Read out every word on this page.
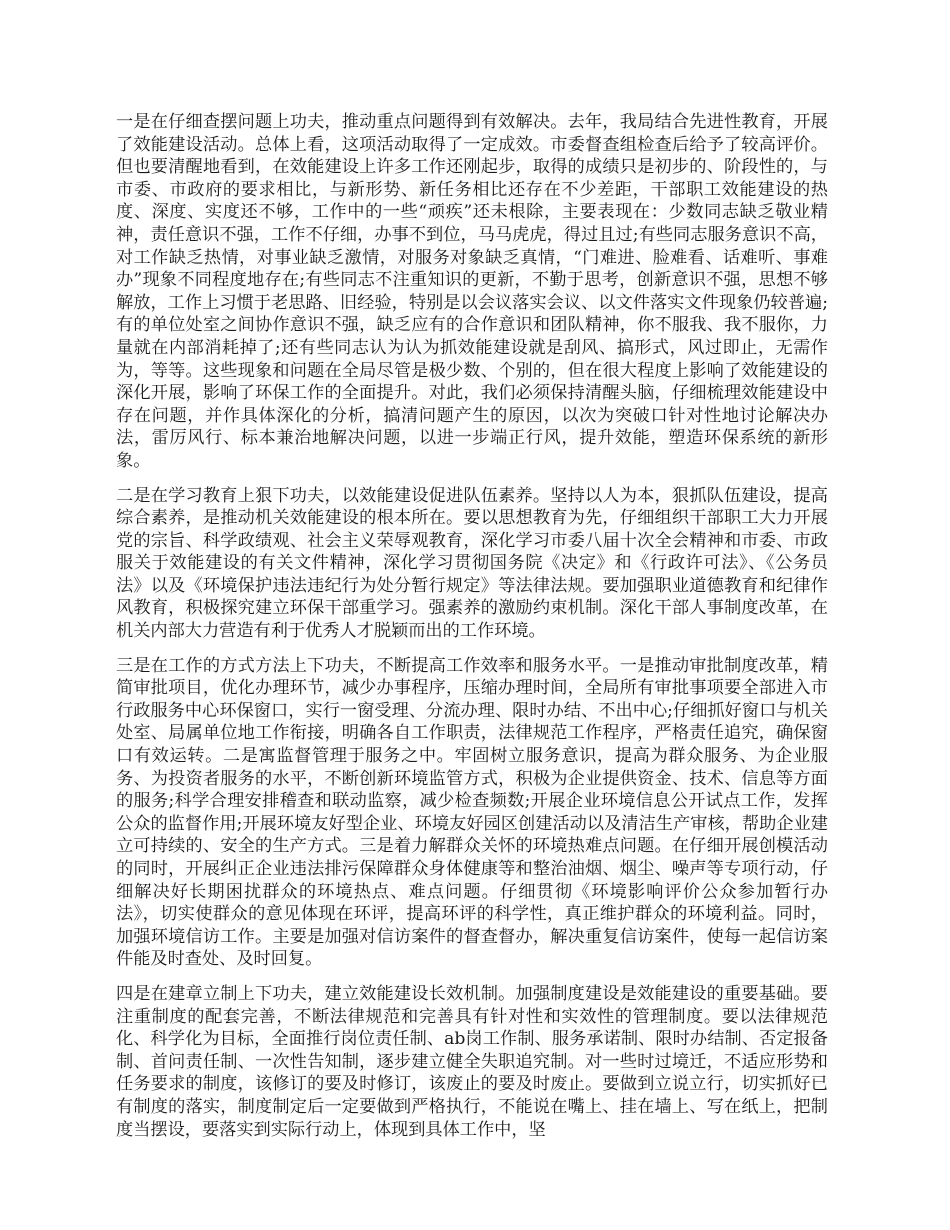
一是在仔细查摆问题上功夫，推动重点问题得到有效解决。去年，我局结合先进性教育，开展了效能建设活动。总体上看，这项活动取得了一定成效。市委督查组检查后给予了较高评价。但也要清醒地看到，在效能建设上许多工作还刚起步，取得的成绩只是初步的、阶段性的，与市委、市政府的要求相比，与新形势、新任务相比还存在不少差距，干部职工效能建设的热度、深度、实度还不够，工作中的一些“顽疾”还未根除，主要表现在：少数同志缺乏敬业精神，责任意识不强，工作不仔细，办事不到位，马马虎虎，得过且过;有些同志服务意识不高，对工作缺乏热情，对事业缺乏激情，对服务对象缺乏真情，“门难进、脸难看、话难听、事难办”现象不同程度地存在;有些同志不注重知识的更新，不勤于思考，创新意识不强，思想不够解放，工作上习惯于老思路、旧经验，特别是以会议落实会议、以文件落实文件现象仍较普遍;有的单位处室之间协作意识不强，缺乏应有的合作意识和团队精神，你不服我、我不服你，力量就在内部消耗掉了;还有些同志认为认为抓效能建设就是刮风、搞形式，风过即止，无需作为，等等。这些现象和问题在全局尽管是极少数、个别的，但在很大程度上影响了效能建设的深化开展，影响了环保工作的全面提升。对此，我们必须保持清醒头脑，仔细梳理效能建设中存在问题，并作具体深化的分析，搞清问题产生的原因，以次为突破口针对性地讨论解决办法，雷厉风行、标本兼治地解决问题，以进一步端正行风，提升效能，塑造环保系统的新形象。

二是在学习教育上狠下功夫，以效能建设促进队伍素养。坚持以人为本，狠抓队伍建设，提高综合素养，是推动机关效能建设的根本所在。要以思想教育为先，仔细组织干部职工大力开展党的宗旨、科学政绩观、社会主义荣辱观教育，深化学习市委八届十次全会精神和市委、市政服关于效能建设的有关文件精神，深化学习贯彻国务院《决定》和《行政许可法》、《公务员法》以及《环境保护违法违纪行为处分暂行规定》等法律法规。要加强职业道德教育和纪律作风教育，积极探究建立环保干部重学习。强素养的激励约束机制。深化干部人事制度改革，在机关内部大力营造有利于优秀人才脱颖而出的工作环境。

三是在工作的方式方法上下功夫，不断提高工作效率和服务水平。一是推动审批制度改革，精简审批项目，优化办理环节，减少办事程序，压缩办理时间，全局所有审批事项要全部进入市行政服务中心环保窗口，实行一窗受理、分流办理、限时办结、不出中心;仔细抓好窗口与机关处室、局属单位地工作衔接，明确各自工作职责，法律规范工作程序，严格责任追究，确保窗口有效运转。二是寓监督管理于服务之中。牢固树立服务意识，提高为群众服务、为企业服务、为投资者服务的水平，不断创新环境监管方式，积极为企业提供资金、技术、信息等方面的服务;科学合理安排稽查和联动监察，减少检查频数;开展企业环境信息公开试点工作，发挥公众的监督作用;开展环境友好型企业、环境友好园区创建活动以及清洁生产审核，帮助企业建立可持续的、安全的生产方式。三是着力解群众关怀的环境热难点问题。在仔细开展创模活动的同时，开展纠正企业违法排污保障群众身体健康等和整治油烟、烟尘、噪声等专项行动，仔细解决好长期困扰群众的环境热点、难点问题。仔细贯彻《环境影响评价公众参加暂行办法》，切实使群众的意见体现在环评，提高环评的科学性，真正维护群众的环境利益。同时，加强环境信访工作。主要是加强对信访案件的督查督办，解决重复信访案件，使每一起信访案件能及时查处、及时回复。

四是在建章立制上下功夫，建立效能建设长效机制。加强制度建设是效能建设的重要基础。要注重制度的配套完善，不断法律规范和完善具有针对性和实效性的管理制度。要以法律规范化、科学化为目标，全面推行岗位责任制、ab岗工作制、服务承诺制、限时办结制、否定报备制、首问责任制、一次性告知制，逐步建立健全失职追究制。对一些时过境迁，不适应形势和任务要求的制度，该修订的要及时修订，该废止的要及时废止。要做到立说立行，切实抓好已有制度的落实，制度制定后一定要做到严格执行，不能说在嘴上、挂在墙上、写在纸上，把制度当摆设，要落实到实际行动上，体现到具体工作中，坚
